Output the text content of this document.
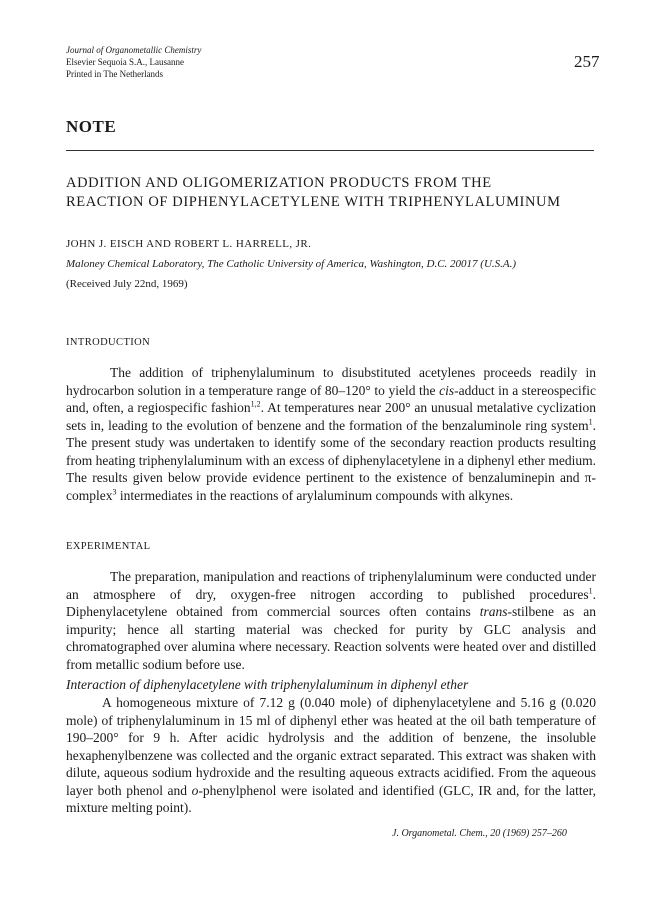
Journal of Organometallic Chemistry
Elsevier Sequoia S.A., Lausanne
Printed in The Netherlands
257
NOTE
ADDITION AND OLIGOMERIZATION PRODUCTS FROM THE
REACTION OF DIPHENYLACETYLENE WITH TRIPHENYLALUMINUM
JOHN J. EISCH AND ROBERT L. HARRELL, JR.
Maloney Chemical Laboratory, The Catholic University of America, Washington, D.C. 20017 (U.S.A.)
(Received July 22nd, 1969)
INTRODUCTION
The addition of triphenylaluminum to disubstituted acetylenes proceeds readily in hydrocarbon solution in a temperature range of 80–120° to yield the cis-adduct in a stereospecific and, often, a regiospecific fashion$^{1,2}$. At temperatures near 200° an unusual metalative cyclization sets in, leading to the evolution of benzene and the formation of the benzaluminole ring system$^1$. The present study was undertaken to identify some of the secondary reaction products resulting from heating triphenylaluminum with an excess of diphenylacetylene in a diphenyl ether medium. The results given below provide evidence pertinent to the existence of benzaluminepin and π-complex$^3$ intermediates in the reactions of arylaluminum compounds with alkynes.
EXPERIMENTAL
The preparation, manipulation and reactions of triphenylaluminum were conducted under an atmosphere of dry, oxygen-free nitrogen according to published procedures$^1$. Diphenylacetylene obtained from commercial sources often contains trans-stilbene as an impurity; hence all starting material was checked for purity by GLC analysis and chromatographed over alumina where necessary. Reaction solvents were heated over and distilled from metallic sodium before use.
Interaction of diphenylacetylene with triphenylaluminum in diphenyl ether
A homogeneous mixture of 7.12 g (0.040 mole) of diphenylacetylene and 5.16 g (0.020 mole) of triphenylaluminum in 15 ml of diphenyl ether was heated at the oil bath temperature of 190–200° for 9 h. After acidic hydrolysis and the addition of benzene, the insoluble hexaphenylbenzene was collected and the organic extract separated. This extract was shaken with dilute, aqueous sodium hydroxide and the resulting aqueous extracts acidified. From the aqueous layer both phenol and o-phenylphenol were isolated and identified (GLC, IR and, for the latter, mixture melting point).
J. Organometal. Chem., 20 (1969) 257–260
